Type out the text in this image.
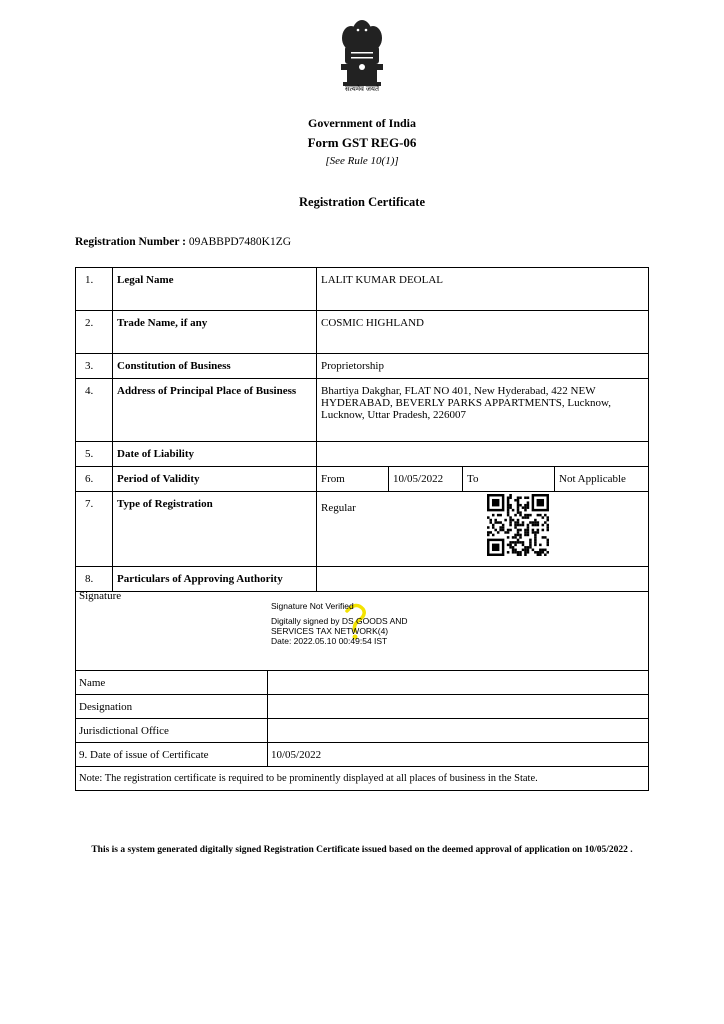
सत्यमेव जयते
Government of India
Form GST REG-06
[See Rule 10(1)]
Registration Certificate
Registration Number : 09ABBPD7480K1ZG
1.	Legal Name	LALIT KUMAR DEOLAL			
2.	Trade Name, if any	COSMIC HIGHLAND			
3.	Constitution of Business	Proprietorship			
4.	Address of Principal Place of Business	Bhartiya Dakghar, FLAT NO 401, New Hyderabad, 422 NEW HYDERABAD, BEVERLY PARKS APPARTMENTS, Lucknow, Lucknow, Uttar Pradesh, 226007			
5.	Date of Liability				
6.	Period of Validity	From	10/05/2022	To	Not Applicable
7.	Type of Registration	Regular			
8.	Particulars of Approving Authority				
Signature
Signature Not Verified
Digitally signed by DS GOODS AND
SERVICES TAX NETWORK(4)
Date: 2022.05.10 00:49:54 IST
Name	
Designation	
Jurisdictional Office	
9. Date of issue of Certificate	10/05/2022
Note: The registration certificate is required to be prominently displayed at all places of business in the State.	
This is a system generated digitally signed Registration Certificate issued based on the deemed approval of application on 10/05/2022 .
